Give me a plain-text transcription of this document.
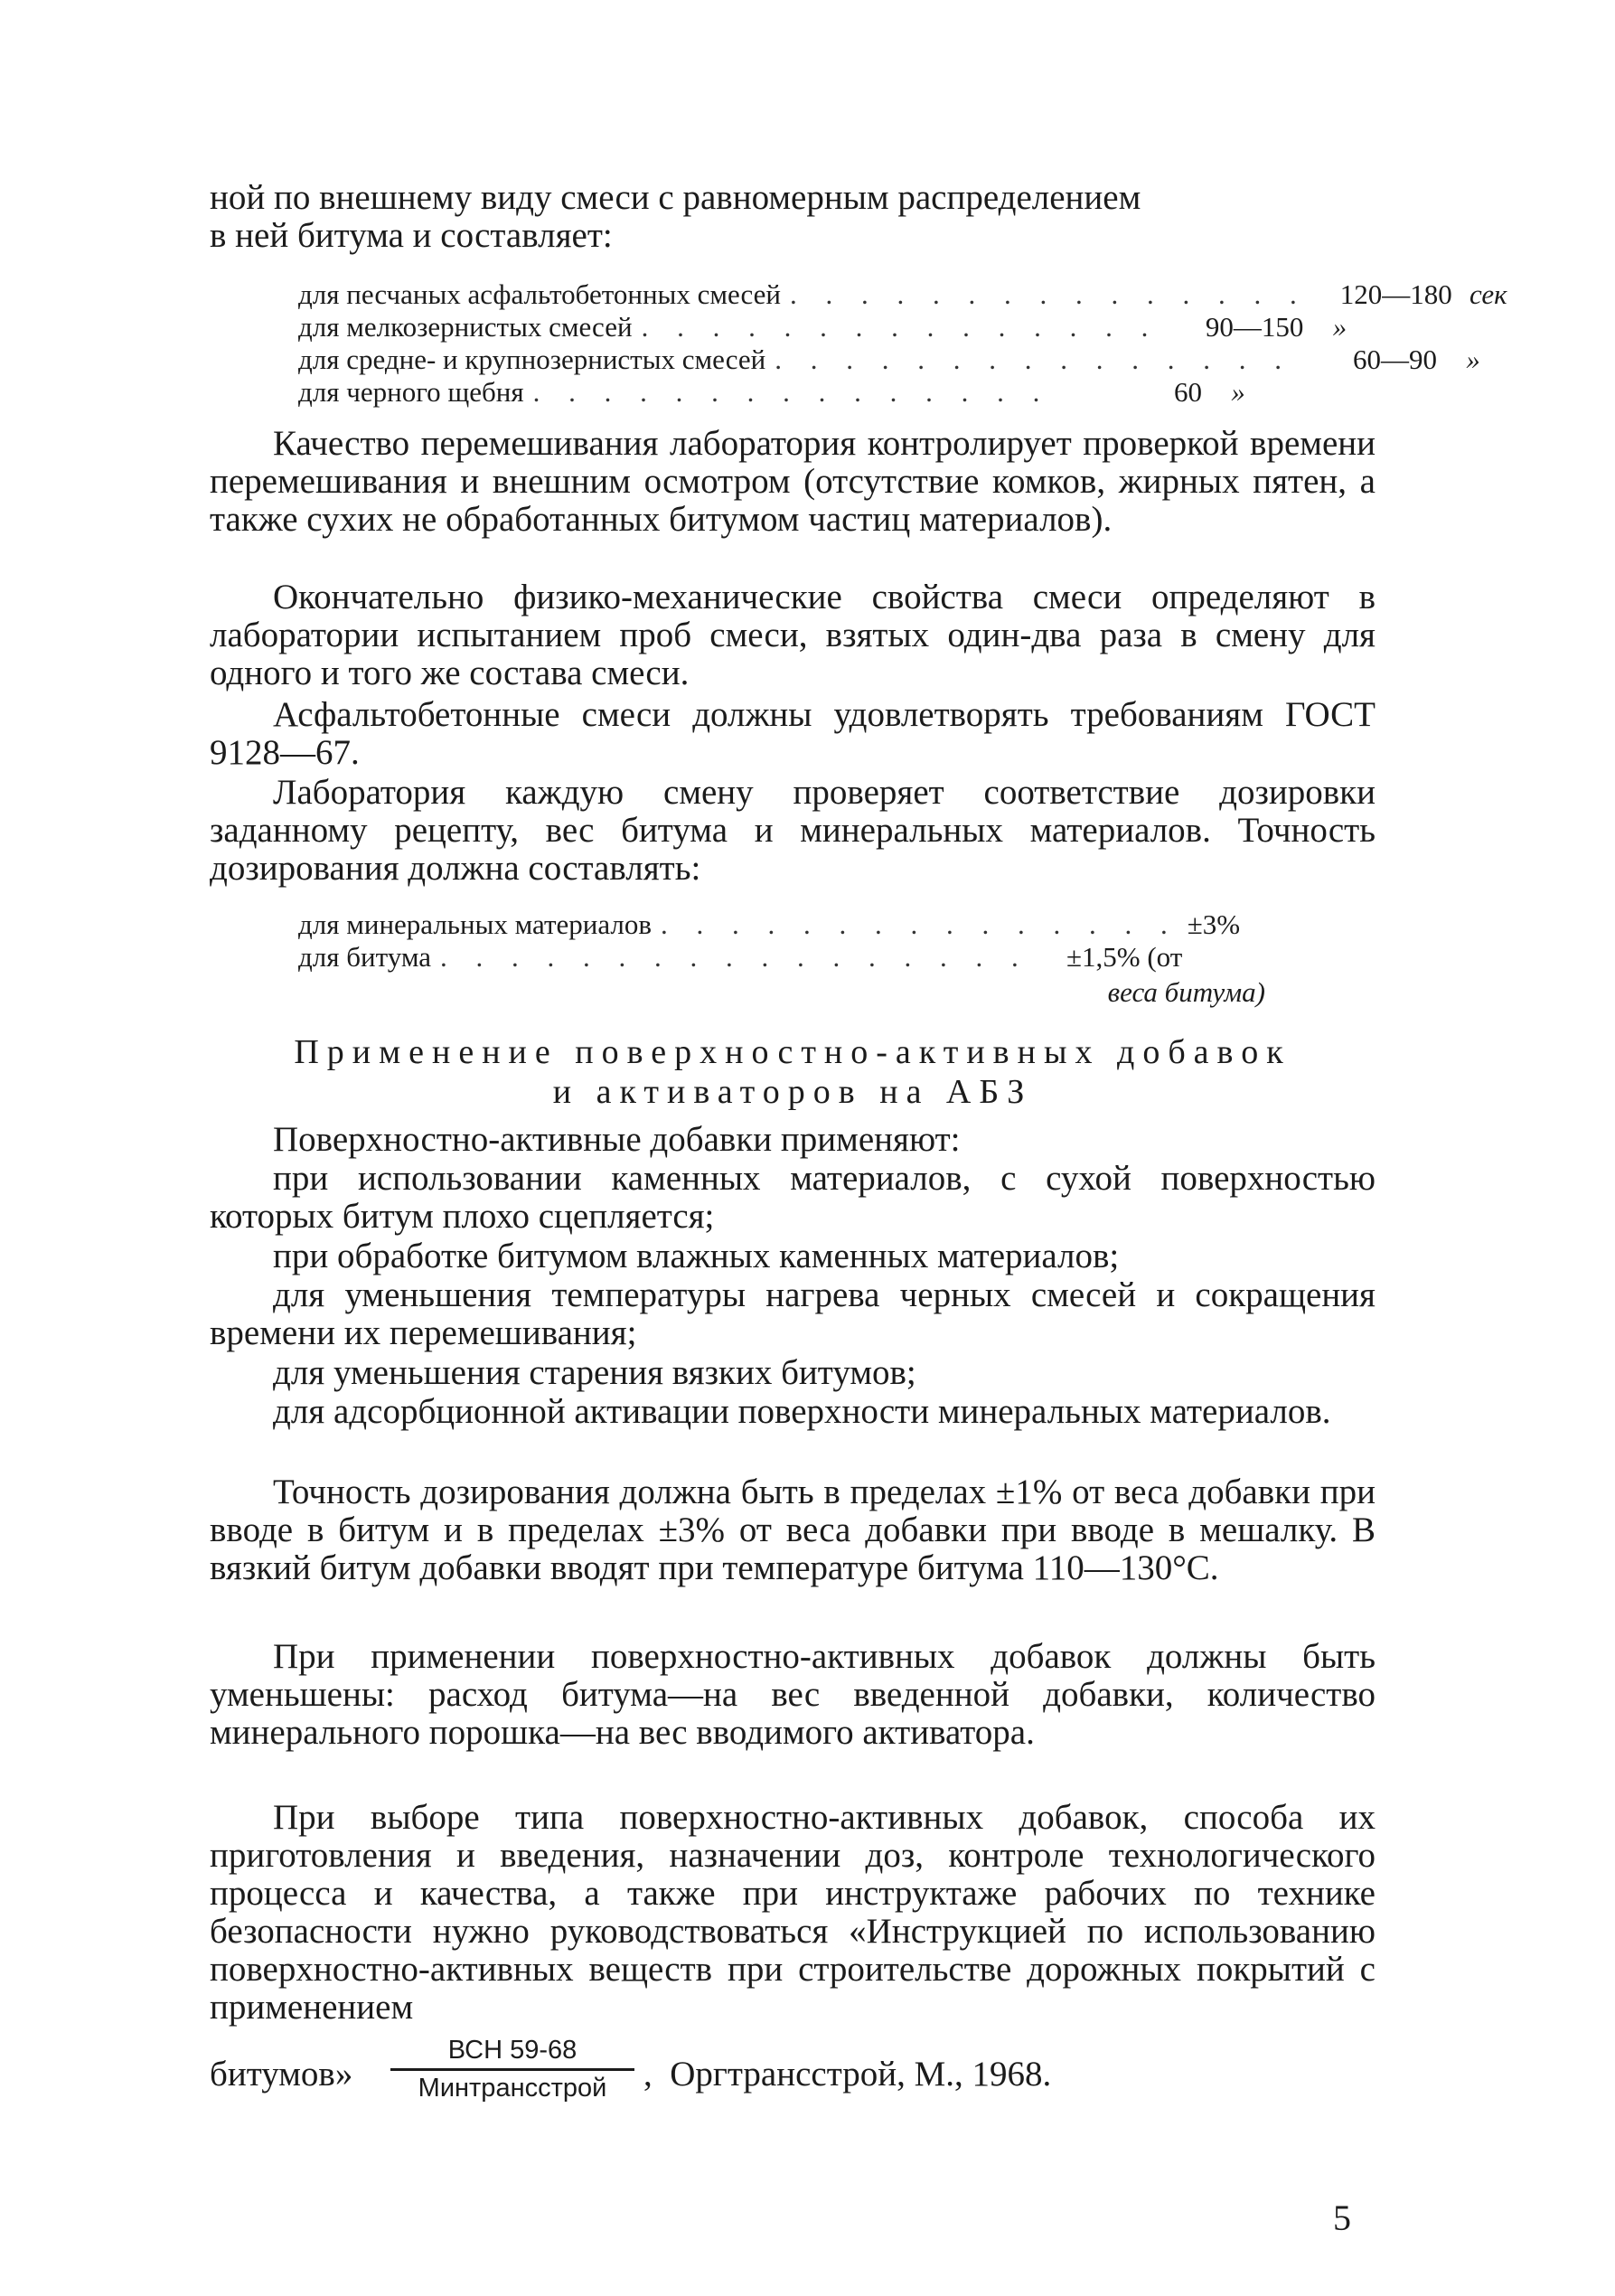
ной по внешнему виду смеси с равномерным распределением
в ней битума и составляет:

для песчаных асфальтобетонных смесей . . . . . . . . . . . . . . .	120—180 сек
для мелкозернистых смесей . . . . . . . . . . . . . . .	90—150	»
для средне- и крупнозернистых смесей . . . . . . . . . . . . . . .	60—90	»
для черного щебня . . . . . . . . . . . . . . .	60	»

Качество перемешивания лаборатория контролирует проверкой времени перемешивания и внешним осмотром (отсутствие комков, жирных пятен, а также сухих не обработанных битумом частиц материалов).

Окончательно физико-механические свойства смеси определяют в лаборатории испытанием проб смеси, взятых один-два раза в смену для одного и того же состава смеси.

Асфальтобетонные смеси должны удовлетворять требованиям ГОСТ 9128—67.

Лаборатория каждую смену проверяет соответствие дозировки заданному рецепту, вес битума и минеральных материалов. Точность дозирования должна составлять:

для минеральных материалов . . . . . . . . . . . . . . . ±3%
для битума . . . . . . . . . . . . . . . . .	±1,5% (от
веса битума)
Применение поверхностно-активных добавок
и активаторов на АБЗ

Поверхностно-активные добавки применяют:

при использовании каменных материалов, с сухой поверхностью которых битум плохо сцепляется;

при обработке битумом влажных каменных материалов;

для уменьшения температуры нагрева черных смесей и сокращения времени их перемешивания;

для уменьшения старения вязких битумов;

для адсорбционной активации поверхности минеральных материалов.

Точность дозирования должна быть в пределах ±1% от веса добавки при вводе в битум и в пределах ±3% от веса добавки при вводе в мешалку. В вязкий битум добавки вводят при температуре битума 110—130°С.

При применении поверхностно-активных добавок должны быть уменьшены: расход битума—на вес введенной добавки, количество минерального порошка—на вес вводимого активатора.

При выборе типа поверхностно-активных добавок, способа их приготовления и введения, назначении доз, контроле технологического процесса и качества, а также при инструктаже рабочих по технике безопасности нужно руководствоваться «Инструкцией по использованию поверхностно-активных веществ при строительстве дорожных покрытий с применением

битумов»
ВСН 59-68
Минтрансстрой	,  Оргтрансстрой, М., 1968.
5
